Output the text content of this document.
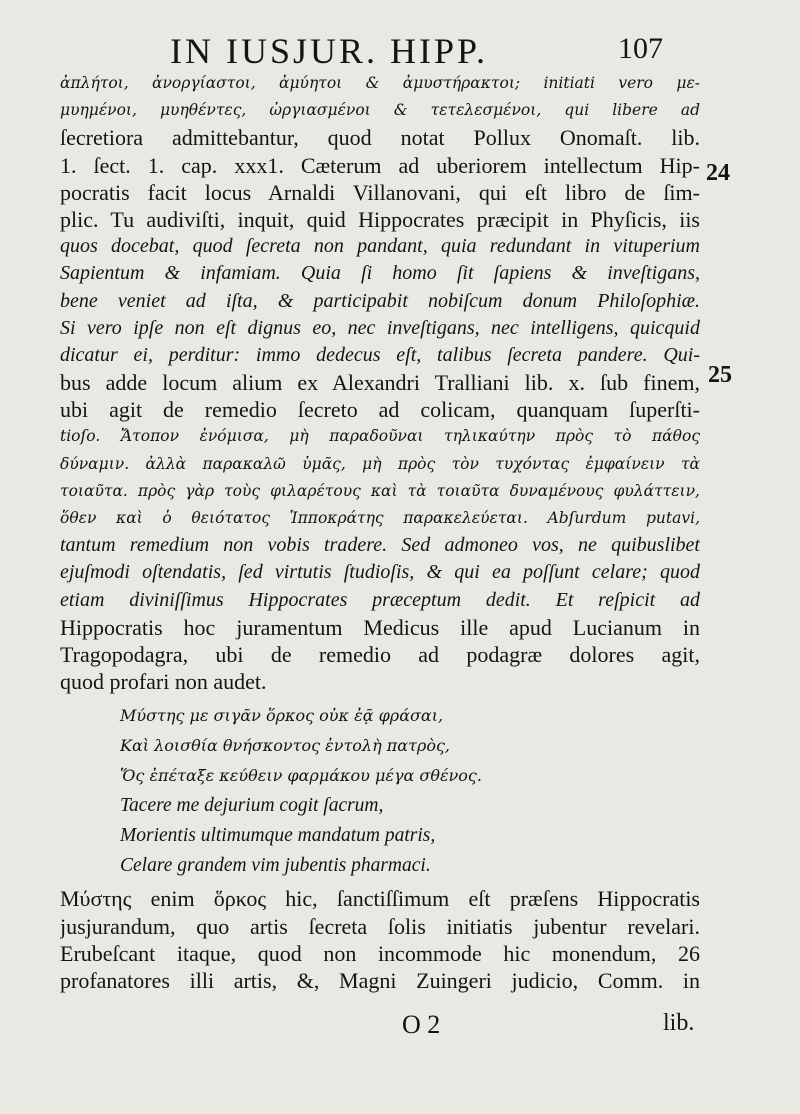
IN IUSJUR. HIPP.	107
ἀπλήτοι, ἀνοργίαστοι, ἀμύητοι & ἀμυστήρακτοι; initiati vero με-
μυημένοι, μυηθέντες, ὠργιασμένοι & τετελεσμένοι, qui libere ad
ſecretiora admittebantur, quod notat Pollux Onomaſt. lib.
1. ſect. 1. cap. xxx1. Cæterum ad uberiorem intellectum Hip-
pocratis facit locus Arnaldi Villanovani, qui eſt libro de ſim-
plic. Tu audiviſti, inquit, quid Hippocrates præcipit in Phyſicis, iis
quos docebat, quod ſecreta non pandant, quia redundant in vituperium
Sapientum & infamiam. Quia ſi homo ſit ſapiens & inveſtigans,
bene veniet ad iſta, & participabit nobiſcum donum Philoſophiæ.
Si vero ipſe non eſt dignus eo, nec inveſtigans, nec intelligens, quicquid
dicatur ei, perditur: immo dedecus eſt, talibus ſecreta pandere. Qui-
bus adde locum alium ex Alexandri Tralliani lib. x. ſub finem,
ubi agit de remedio ſecreto ad colicam, quanquam ſuperſti-
tioſo. Ἄτοπον ἐνόμισα, μὴ παραδοῦναι τηλικαύτην πρὸς τὸ πάθος
δύναμιν. ἀλλὰ παρακαλῶ ὑμᾶς, μὴ πρὸς τὸν τυχόντας ἐμφαίνειν τὰ
τοιαῦτα. πρὸς γὰρ τοὺς φιλαρέτους καὶ τὰ τοιαῦτα δυναμένους φυλάττειν,
ὅθεν καὶ ὁ θειότατος Ἱπποκράτης παρακελεύεται. Abſurdum putavi,
tantum remedium non vobis tradere. Sed admoneo vos, ne quibuslibet
ejuſmodi oſtendatis, ſed virtutis ſtudioſis, & qui ea poſſunt celare; quod
etiam diviniſſimus Hippocrates præceptum dedit. Et reſpicit ad
Hippocratis hoc juramentum Medicus ille apud Lucianum in
Tragopodagra, ubi de remedio ad podagræ dolores agit,
quod profari non audet.
Μύστης με σιγᾶν ὅρκος οὐκ ἐᾷ φράσαι,
Καὶ λοισθία θνήσκοντος ἐντολὴ πατρὸς,
Ὅς ἐπέταξε κεύθειν φαρμάκου μέγα σθένος.
Tacere me dejurium cogit ſacrum,
Morientis ultimumque mandatum patris,
Celare grandem vim jubentis pharmaci.
Μύστης enim ὅρκος hic, ſanctiſſimum eſt præſens Hippocratis
jusjurandum, quo artis ſecreta ſolis initiatis jubentur revelari.
Erubeſcant itaque, quod non incommode hic monendum, 26
profanatores illi artis, &, Magni Zuingeri judicio, Comm. in
24
25
O 2	lib.
